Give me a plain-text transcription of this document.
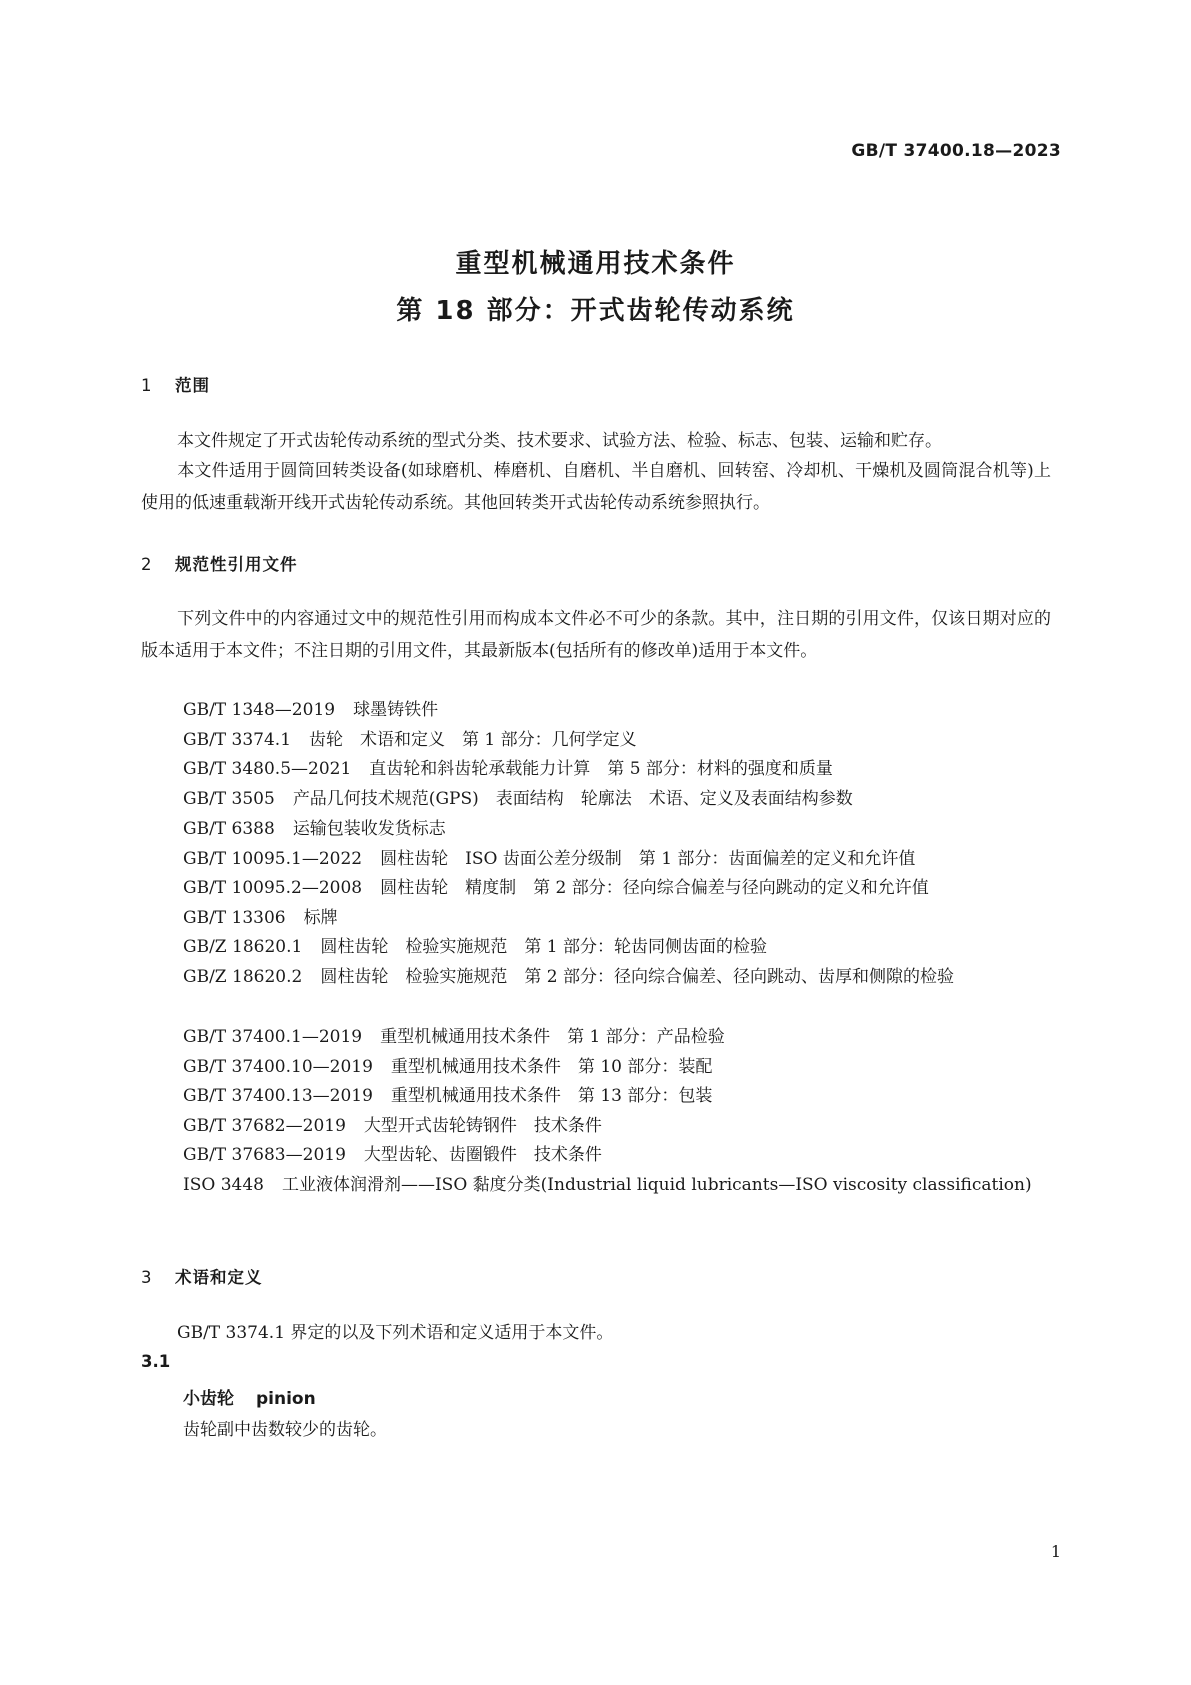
GB/T 37400.18—2023
重型机械通用技术条件
第 18 部分：开式齿轮传动系统
1 范围
本文件规定了开式齿轮传动系统的型式分类、技术要求、试验方法、检验、标志、包装、运输和贮存。
本文件适用于圆筒回转类设备(如球磨机、棒磨机、自磨机、半自磨机、回转窑、冷却机、干燥机及圆筒混合机等)上使用的低速重载渐开线开式齿轮传动系统。其他回转类开式齿轮传动系统参照执行。
2 规范性引用文件
下列文件中的内容通过文中的规范性引用而构成本文件必不可少的条款。其中，注日期的引用文件，仅该日期对应的版本适用于本文件；不注日期的引用文件，其最新版本(包括所有的修改单)适用于本文件。
GB/T 1348—2019 球墨铸铁件
GB/T 3374.1 齿轮　术语和定义　第 1 部分：几何学定义
GB/T 3480.5—2021 直齿轮和斜齿轮承载能力计算　第 5 部分：材料的强度和质量
GB/T 3505 产品几何技术规范(GPS)　表面结构　轮廓法　术语、定义及表面结构参数
GB/T 6388 运输包装收发货标志
GB/T 10095.1—2022 圆柱齿轮　ISO 齿面公差分级制　第 1 部分：齿面偏差的定义和允许值
GB/T 10095.2—2008 圆柱齿轮　精度制　第 2 部分：径向综合偏差与径向跳动的定义和允许值
GB/T 13306 标牌
GB/Z 18620.1 圆柱齿轮　检验实施规范　第 1 部分：轮齿同侧齿面的检验
GB/Z 18620.2 圆柱齿轮　检验实施规范　第 2 部分：径向综合偏差、径向跳动、齿厚和侧隙的检验
GB/T 37400.1—2019 重型机械通用技术条件　第 1 部分：产品检验
GB/T 37400.10—2019 重型机械通用技术条件　第 10 部分：装配
GB/T 37400.13—2019 重型机械通用技术条件　第 13 部分：包装
GB/T 37682—2019 大型开式齿轮铸钢件　技术条件
GB/T 37683—2019 大型齿轮、齿圈锻件　技术条件
ISO 3448 工业液体润滑剂——ISO 黏度分类(Industrial liquid lubricants—ISO viscosity classification)
3 术语和定义
GB/T 3374.1 界定的以及下列术语和定义适用于本文件。
3.1
小齿轮 pinion
齿轮副中齿数较少的齿轮。
1
